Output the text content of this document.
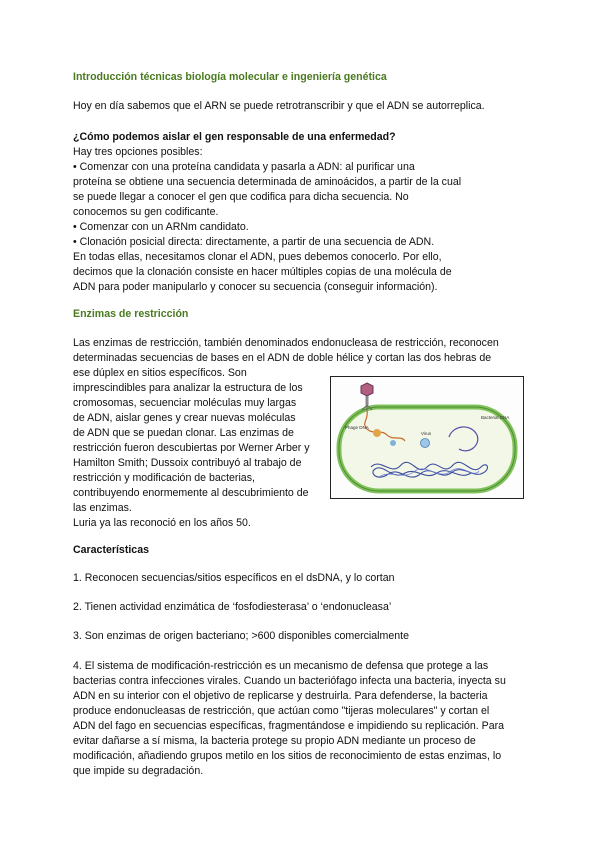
Introducción técnicas biología molecular e ingeniería genética

Hoy en día sabemos que el ARN se puede retrotranscribir y que el ADN se autorreplica.

¿Cómo podemos aislar el gen responsable de una enfermedad?

Hay tres opciones posibles:

• Comenzar con una proteína candidata y pasarla a ADN: al purificar una

proteína se obtiene una secuencia determinada de aminoácidos, a partir de la cual

se puede llegar a conocer el gen que codifica para dicha secuencia. No

conocemos su gen codificante.

• Comenzar con un ARNm candidato.

• Clonación posicial directa: directamente, a partir de una secuencia de ADN.

En todas ellas, necesitamos clonar el ADN, pues debemos conocerlo. Por ello,

decimos que la clonación consiste en hacer múltiples copias de una molécula de

ADN para poder manipularlo y conocer su secuencia (conseguir información).

Enzimas de restricción

Las enzimas de restricción, también denominados endonucleasa de restricción, reconocen

determinadas secuencias de bases en el ADN de doble hélice y cortan las dos hebras de

ese dúplex en sitios específicos. Son

imprescindibles para analizar la estructura de los

cromosomas, secuenciar moléculas muy largas

de ADN, aislar genes y crear nuevas moléculas

de ADN que se puedan clonar. Las enzimas de

restricción fueron descubiertas por Werner Arber y

Hamilton Smith; Dussoix contribuyó al trabajo de

restricción y modificación de bacterias,

contribuyendo enormemente al descubrimiento de

las enzimas.

Luria ya las reconoció en los años 50.

Phage DNA
Virus
Bacterial DNA

Características

1. Reconocen secuencias/sitios específicos en el dsDNA, y lo cortan

2. Tienen actividad enzimática de ‘fosfodiesterasa’ o ‘endonucleasa’

3. Son enzimas de origen bacteriano; >600 disponibles comercialmente

4. El sistema de modificación-restricción es un mecanismo de defensa que protege a las

bacterias contra infecciones virales. Cuando un bacteriófago infecta una bacteria, inyecta su

ADN en su interior con el objetivo de replicarse y destruirla. Para defenderse, la bacteria

produce endonucleasas de restricción, que actúan como "tijeras moleculares" y cortan el

ADN del fago en secuencias específicas, fragmentándose e impidiendo su replicación. Para

evitar dañarse a sí misma, la bacteria protege su propio ADN mediante un proceso de

modificación, añadiendo grupos metilo en los sitios de reconocimiento de estas enzimas, lo

que impide su degradación.
